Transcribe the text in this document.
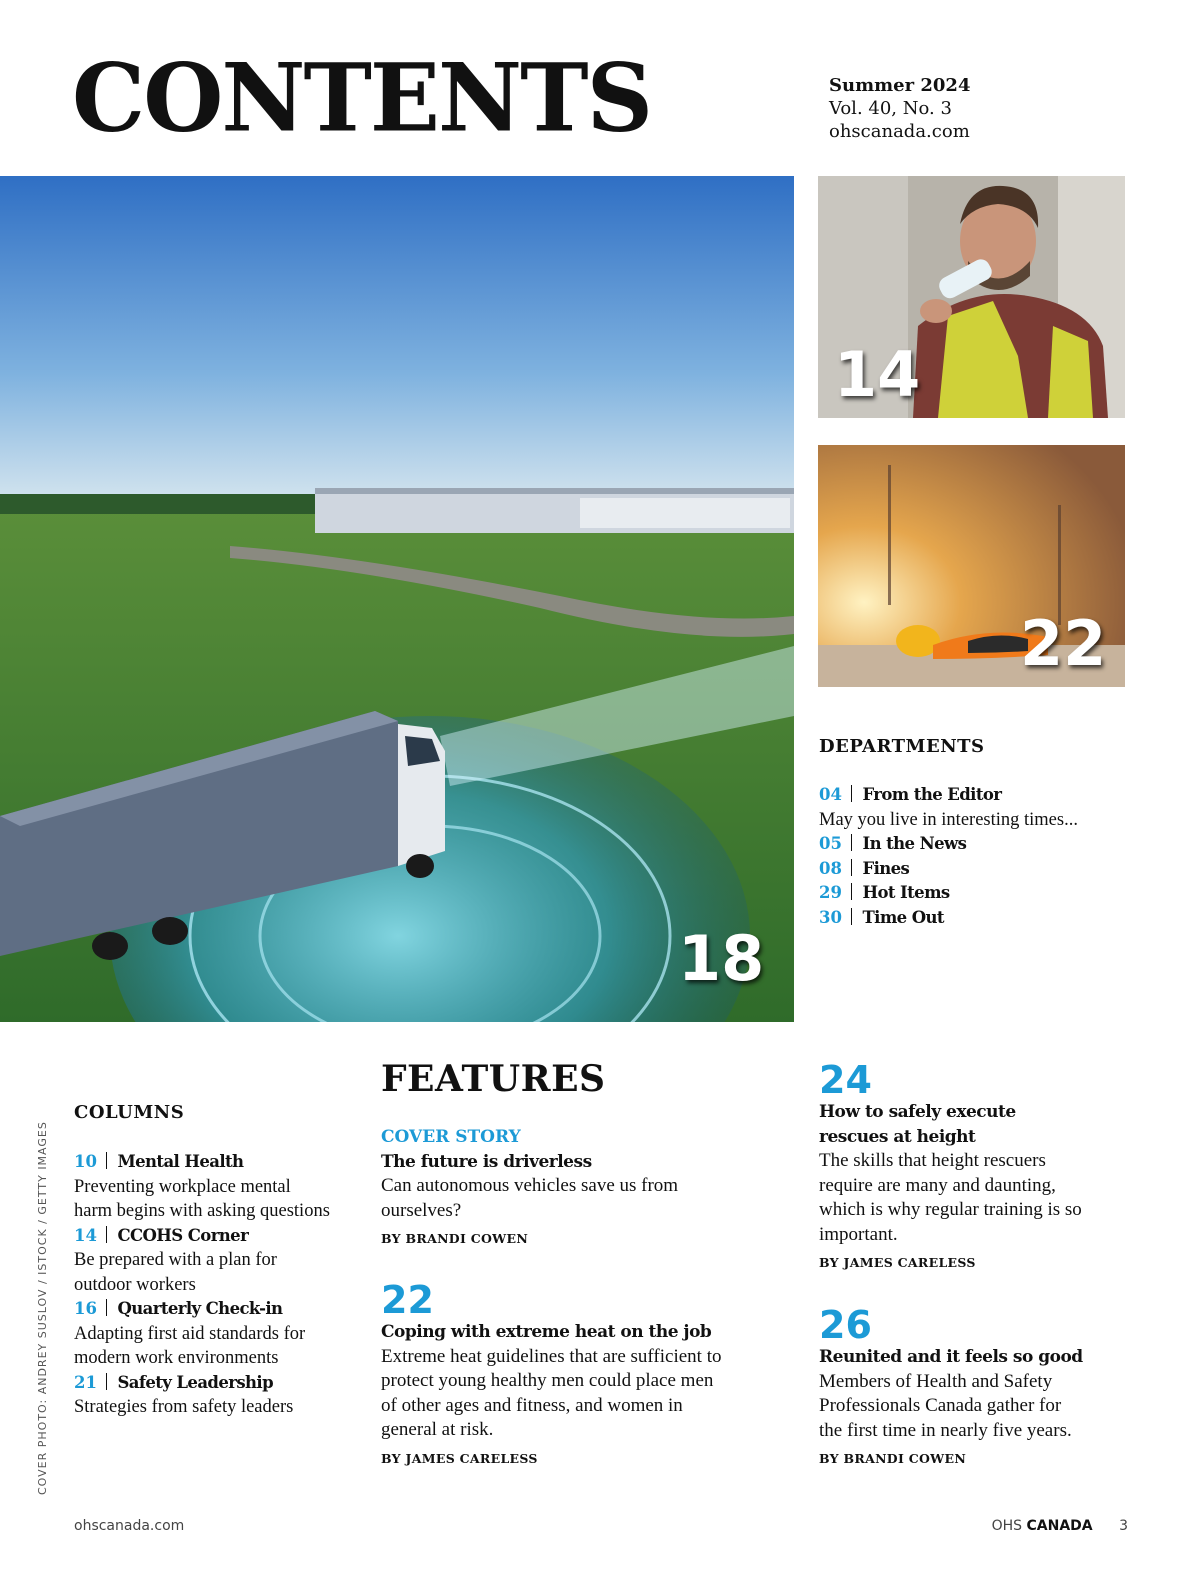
CONTENTS	Summer 2024
Vol. 40, No. 3
ohscanada.com
18
14
22
DEPARTMENTS
04 From the Editor
May you live in interesting times...
05 In the News
08 Fines
29 Hot Items
30 Time Out
FEATURES
COLUMNS
10 Mental Health
Preventing workplace mental
harm begins with asking questions
14 CCOHS Corner
Be prepared with a plan for
outdoor workers
16 Quarterly Check-in
Adapting first aid standards for
modern work environments
21 Safety Leadership
Strategies from safety leaders
COVER STORY
The future is driverless
Can autonomous vehicles save us from
ourselves?
BY BRANDI COWEN
22
Coping with extreme heat on the job
Extreme heat guidelines that are sufficient to
protect young healthy men could place men
of other ages and fitness, and women in
general at risk.
BY JAMES CARELESS
24
How to safely execute
rescues at height
The skills that height rescuers
require are many and daunting,
which is why regular training is so
important.
BY JAMES CARELESS
26
Reunited and it feels so good
Members of Health and Safety
Professionals Canada gather for
the first time in nearly five years.
BY BRANDI COWEN
COVER PHOTO: ANDREY SUSLOV / ISTOCK / GETTY IMAGES
ohscanada.com	OHS CANADA 3
